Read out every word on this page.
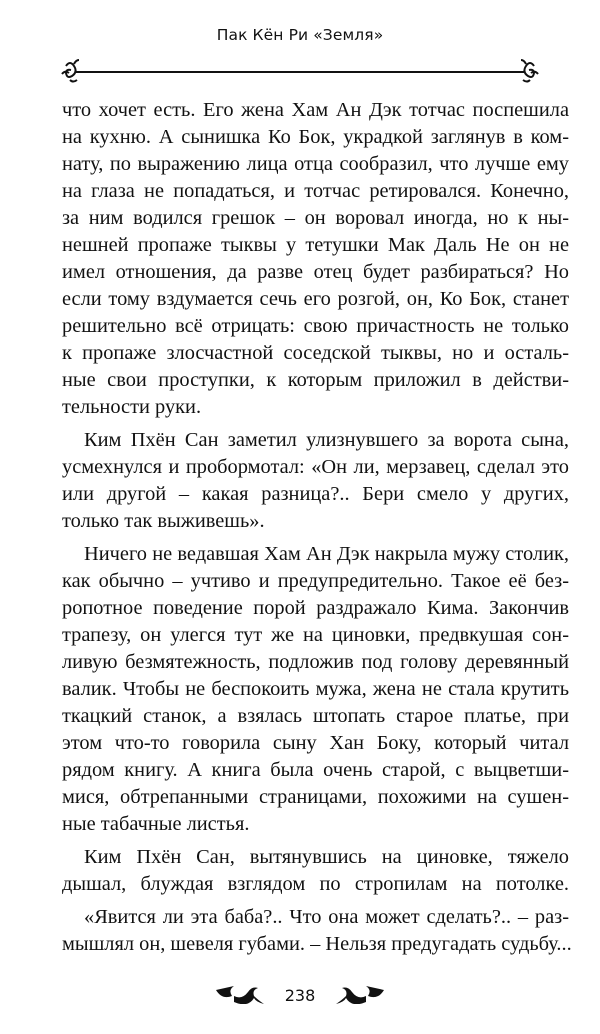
Пак Кён Ри «Земля»
что хочет есть. Его жена Хам Ан Дэк тотчас поспешила
на кухню. А сынишка Ко Бок, украдкой заглянув в ком-
нату, по выражению лица отца сообразил, что лучше ему
на глаза не попадаться, и тотчас ретировался. Конечно,
за ним водился грешок – он воровал иногда, но к ны-
нешней пропаже тыквы у тетушки Мак Даль Не он не
имел отношения, да разве отец будет разбираться? Но
если тому вздумается сечь его розгой, он, Ко Бок, станет
решительно всё отрицать: свою причастность не только
к пропаже злосчастной соседской тыквы, но и осталь-
ные свои проступки, к которым приложил в действи-
тельности руки.
Ким Пхён Сан заметил улизнувшего за ворота сына,
усмехнулся и пробормотал: «Он ли, мерзавец, сделал это
или другой – какая разница?.. Бери смело у других,
только так выживешь».
Ничего не ведавшая Хам Ан Дэк накрыла мужу столик,
как обычно – учтиво и предупредительно. Такое её без-
ропотное поведение порой раздражало Кима. Закончив
трапезу, он улегся тут же на циновки, предвкушая сон-
ливую безмятежность, подложив под голову деревянный
валик. Чтобы не беспокоить мужа, жена не стала крутить
ткацкий станок, а взялась штопать старое платье, при
этом что-то говорила сыну Хан Боку, который читал
рядом книгу. А книга была очень старой, с выцветши-
мися, обтрепанными страницами, похожими на сушен-
ные табачные листья.
Ким Пхён Сан, вытянувшись на циновке, тяжело
дышал, блуждая взглядом по стропилам на потолке.
«Явится ли эта баба?.. Что она может сделать?.. – раз-
мышлял он, шевеля губами. – Нельзя предугадать судьбу...
238
